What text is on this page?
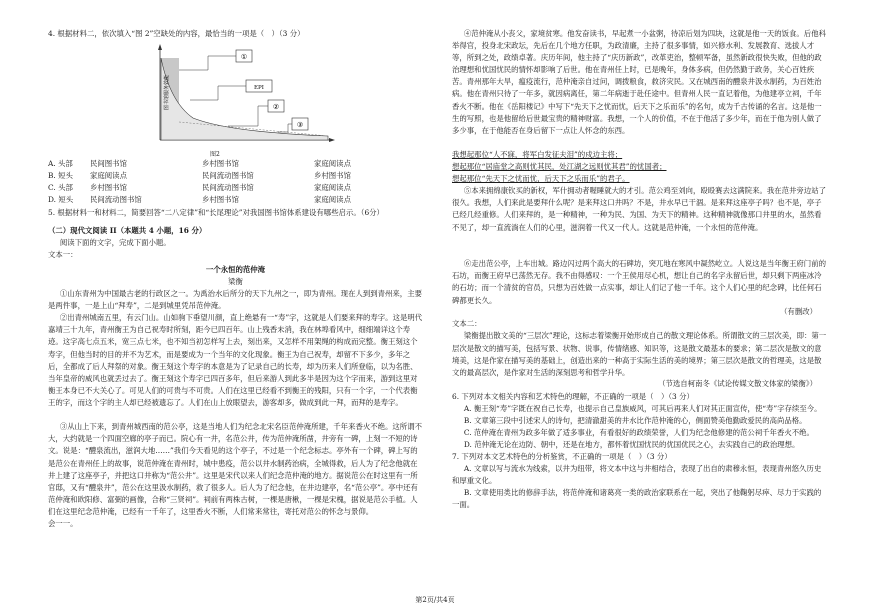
4. 根据材料二，依次填入“图 2”空缺处的内容，最恰当的一项是（　）（3 分）

①
EPI
②
③
图书馆服务效能
图2
A. 头部	民间图书馆	乡村图书馆	家庭阅读点
B. 短头	家庭阅读点	民间流动图书馆	乡村图书馆
C. 头部	乡村图书馆	民间流动图书馆	家庭阅读点
D. 短头	民间流动图书馆	乡村图书馆	家庭阅读点

5. 根据材料一和材料二，简要回答“二八定律”和“长尾理论”对我国图书馆体系建设有哪些启示。（6分）

（二）现代文阅读 II（本题共 4 小题，16 分）

阅读下面的文字，完成下面小题。

文本一：

一个永恒的范仲淹

梁衡

①山东青州为中国最古老的行政区之一。为禹治水后所分的天下九州之一，即为青州。现在人到到青州来，主要是两件事，一是上山“拜寿”，二是到城里凭吊范仲淹。

②出青州城南五里，有云门山。山如驹下垂望川颜，直上绝悬有一“寿”字，这就是人们要来拜的寿字。这是明代嘉靖三十九年，青州衡王为自己祝寿时所刻，距今已四百年。山上残香未消，我在林埠看风中，细细端详这个寿迹。这字高七点五米，宽三点七米，也不知当初怎样写上去，刻出来，又怎样不用架绳的构成而完整。衡王刻这个寿字，但他当时的目的并不为艺术，而是要成为一个当年的文化现象。衡王为自己祝寿，却留不下多少，多年之后，全都成了后人拜祭的对象。衡王刻这个寿字的本意是为了记录自己的长寿，却为历来人们所登临，以为名胜、当年皇帝的威风也就丢过去了。衡王刻这个寿字已四百多年，但后来游人到此多半是因为这个字而来，游到这里对衡王本身已不大关心了。可见人们的可贵与不可贵。人们在这里已经看不到衡王的残阳，只有一个字，一个代表衡王的字，而这个字的主人却已经被遗忘了。人们在山上放眼望去，游客却多，做成到此一拜，而拜的是寿字。

③从山上下来，到青州城西南的范公亭，这是当地人们为纪念北宋名臣范仲淹所建，千年来香火不绝。这所谓不大，大约就是一个四面空廊的亭子而已。院心有一井，名范公井，传为范仲淹所凿，井旁有一碑，上刻一不短的诗文。说是：“醴泉流出，滋润大地……”我们今天看见的这个亭子，不过是一个纪念标志。亭外有一个碑，碑上写的是范公在青州任上的故事，说范仲淹在青州时，城中患疫，范公以井水制药治病，全城得救，后人为了纪念他就在井上建了这座亭子，并把这口井称为“范公井”。这里是宋代以来人们纪念范仲淹的地方。据说范公在时这里有一所官邸，又有“醴泉井”，范公在这里汲水制药，救了很多人。后人为了纪念他，在井边建亭，名“范公亭”。亭中还有范仲淹和欧阳修、富弼的画像，合称“三贤祠”。祠前有两株古树，一棵是唐楸，一棵是宋槐，据说是范公手植。人们在这里纪念范仲淹，已经有一千年了，这里香火不断，人们常来常往，寄托对范公的怀念与景仰。

会一一。

④范仲淹从小丧父，家境贫寒。他发奋读书，早起煮一小盆粥，待凉后划为四块，这就是他一天的饭食。后他科举得官，投身北宋政坛，先后在几个地方任职，为政清廉，主持了很多事情，如兴修水利、发展教育、选拔人才等，所到之处，政绩卓著。庆历年间，他主持了“庆历新政”，改革吏治，整顿军备，虽然新政很快失败，但他的政治理想和忧国忧民的情怀却影响了后世。他在青州任上时，已是晚年，身体多病，但仍然勤于政务，关心百姓疾苦。青州那年大旱，瘟疫流行，范仲淹亲自过问，调拨粮食，救济灾民。又在城西南的醴泉井汲水制药，为百姓治病。他在青州只待了一年多，就因病离任，第二年病逝于赴任途中。但青州人民一直记着他，为他建亭立祠，千年香火不断。他在《岳阳楼记》中写下“先天下之忧而忧，后天下之乐而乐”的名句，成为千古传诵的名言。这是他一生的写照，也是他留给后世最宝贵的精神财富。我想，一个人的价值，不在于他活了多少年，而在于他为别人做了多少事，在于他能否在身后留下一点让人怀念的东西。

我想起那位“人不寐，将军白发征夫泪”的戍边主将；

想起那位“居庙堂之高则忧其民，处江湖之远则忧其君”的忧国者；

想起那位“先天下之忧而忧，后天下之乐而乐”的君子。

⑤本来拥绵康钦买的新权，军什拥动者喔睡就大的才引。范公鸡至刘向，殴殴赛去这满院来。我在范井旁边站了很久。我想，人们来此是要拜什么呢？是来拜这口井吗？不是，井水早已干涸。是来拜这座亭子吗？也不是，亭子已经几经重修。人们来拜的，是一种精神，一种为民、为国、为天下的精神。这种精神就像那口井里的水，虽然看不见了，却一直流淌在人们的心里，滋润着一代又一代人。这就是范仲淹，一个永恒的范仲淹。

⑥走出范公亭，上车出城。路边闪过两个高大的石碑坊，突兀地在寒风中凝然屹立。人说这是当年衡王府门前的石坊，而衡王府早已荡然无存。我不由得感叹：一个王侯用尽心机，想让自己的名字永留后世，却只剩下两座冰冷的石坊；而一个清贫的官员，只想为百姓做一点实事，却让人们记了他一千年。这个人们心里的纪念碑，比任何石碑都更长久。

（有删改）

文本二：

梁衡提出散文美的“三层次”理论，这标志着梁衡开始形成自己的散文理论体系。所谓散文的三层次美，即：第一层次是散文的描写美，包括写景、状物、说事，传情绪感、知识等，这是散文最基本的要求；第二层次是散文的意境美，这是作家在描写美的基础上，创造出来的一种高于实际生活的美的境界；第三层次是散文的哲理美，这是散文的最高层次，是作家对生活的深刻思考和哲学升华。

（节选自柯南冬《试论传媒文散文体家的梁衡》）

6. 下列对本文相关内容和艺术特色的理解，不正确的一项是（　）（3 分）

A. 衡王刻“寿”字既在祝自己长寿，也提示自己皇族威风，可其后再来人们对其正面宣传，使“寿”字存续至今。

B. 文章第三段中引述宋人的诗句，把清澈甜美的井水比作范仲淹的心，侧面赞美他勤政爱民的高尚品格。

C. 范仲淹在青州为政多年做了适多事业，有看很好的政绩荣誉，人们为纪念他修建的范公祠千年香火不绝。

D. 范仲淹无论在边防、朝中，还是在地方，都怀着忧国忧民的优国优民之心，去实践自己的政治理想。

7. 下列对本文艺术特色的分析鉴赏，不正确的一项是（　）（3 分）

A. 文章以写与流水为线索，以井为纽带，将文本中这与井相结合，表现了出自的肃穆永恒，表现青州悠久历史和厚重文化。

B. 文章使用类比的修辞手法，将范仲淹和诸葛亮一类的政治家联系在一起，突出了他鞠躬尽瘁、尽力于实践的一面。

第2页/共4页
